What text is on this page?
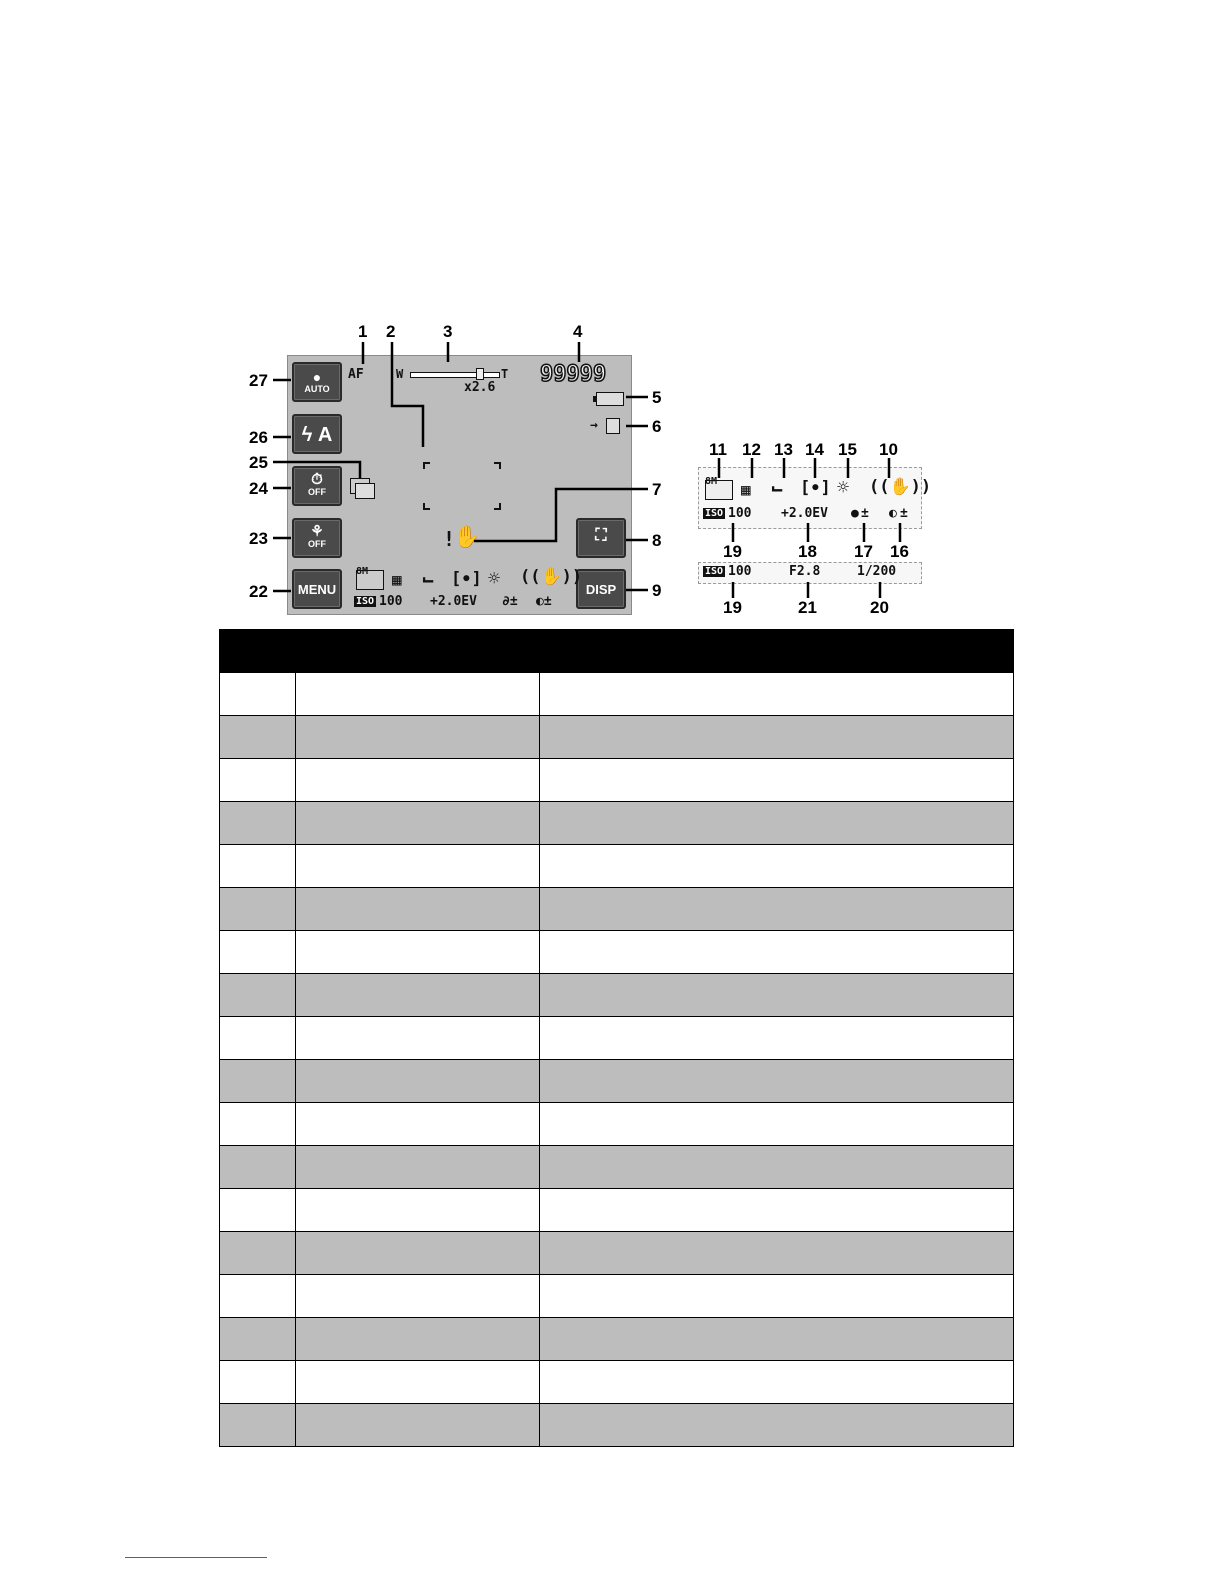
●
AUTO
ϟ A
⏱
OFF
⚘
OFF
MENU
⛶
DISP
AF	W	T
x2.6
99999
→
!
✋
8M ▦ ⌙ [∙] ☼ ((✋))
ISO 100 +2.0EV ∂± ◐±
8M ▦ ⌙ [∙] ☼ ((✋))
ISO 100 +2.0EV ● ± ◐ ±
ISO 100	F2.8	1/200
1 2	3	4
5
6
7
8
9
10
11 12 13 14 15
19	18 17 16
19	21	20
22
23
24
25
26
27
